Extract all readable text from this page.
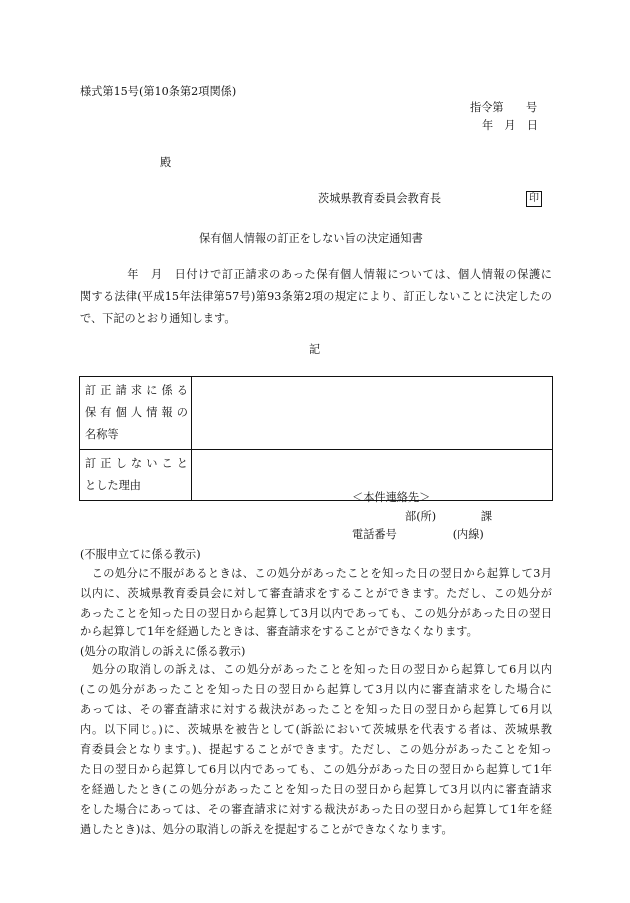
様式第15号(第10条第2項関係)
指令第　　号
年　月　日
殿
茨城県教育委員会教育長	印
保有個人情報の訂正をしない旨の決定通知書
　　　　年　月　日付けで訂正請求のあった保有個人情報については、個人情報の保護に
関する法律(平成15年法律第57号)第93条第2項の規定により、訂正しないことに決定したの
で、下記のとおり通知します。
記
訂正請求に係る
保有個人情報の
名称等	

訂正しないこと
とした理由	

＜本件連絡先＞
部(所)　　　　課
電話番号　　　　　(内線)
(不服申立てに係る教示)
　この処分に不服があるときは、この処分があったことを知った日の翌日から起算して3月
以内に、茨城県教育委員会に対して審査請求をすることができます。ただし、この処分が
あったことを知った日の翌日から起算して3月以内であっても、この処分があった日の翌日
から起算して1年を経過したときは、審査請求をすることができなくなります。
(処分の取消しの訴えに係る教示)
　処分の取消しの訴えは、この処分があったことを知った日の翌日から起算して6月以内
(この処分があったことを知った日の翌日から起算して3月以内に審査請求をした場合に
あっては、その審査請求に対する裁決があったことを知った日の翌日から起算して6月以
内。以下同じ。)に、茨城県を被告として(訴訟において茨城県を代表する者は、茨城県教
育委員会となります。)、提起することができます。ただし、この処分があったことを知っ
た日の翌日から起算して6月以内であっても、この処分があった日の翌日から起算して1年
を経過したとき(この処分があったことを知った日の翌日から起算して3月以内に審査請求
をした場合にあっては、その審査請求に対する裁決があった日の翌日から起算して1年を経
過したとき)は、処分の取消しの訴えを提起することができなくなります。
